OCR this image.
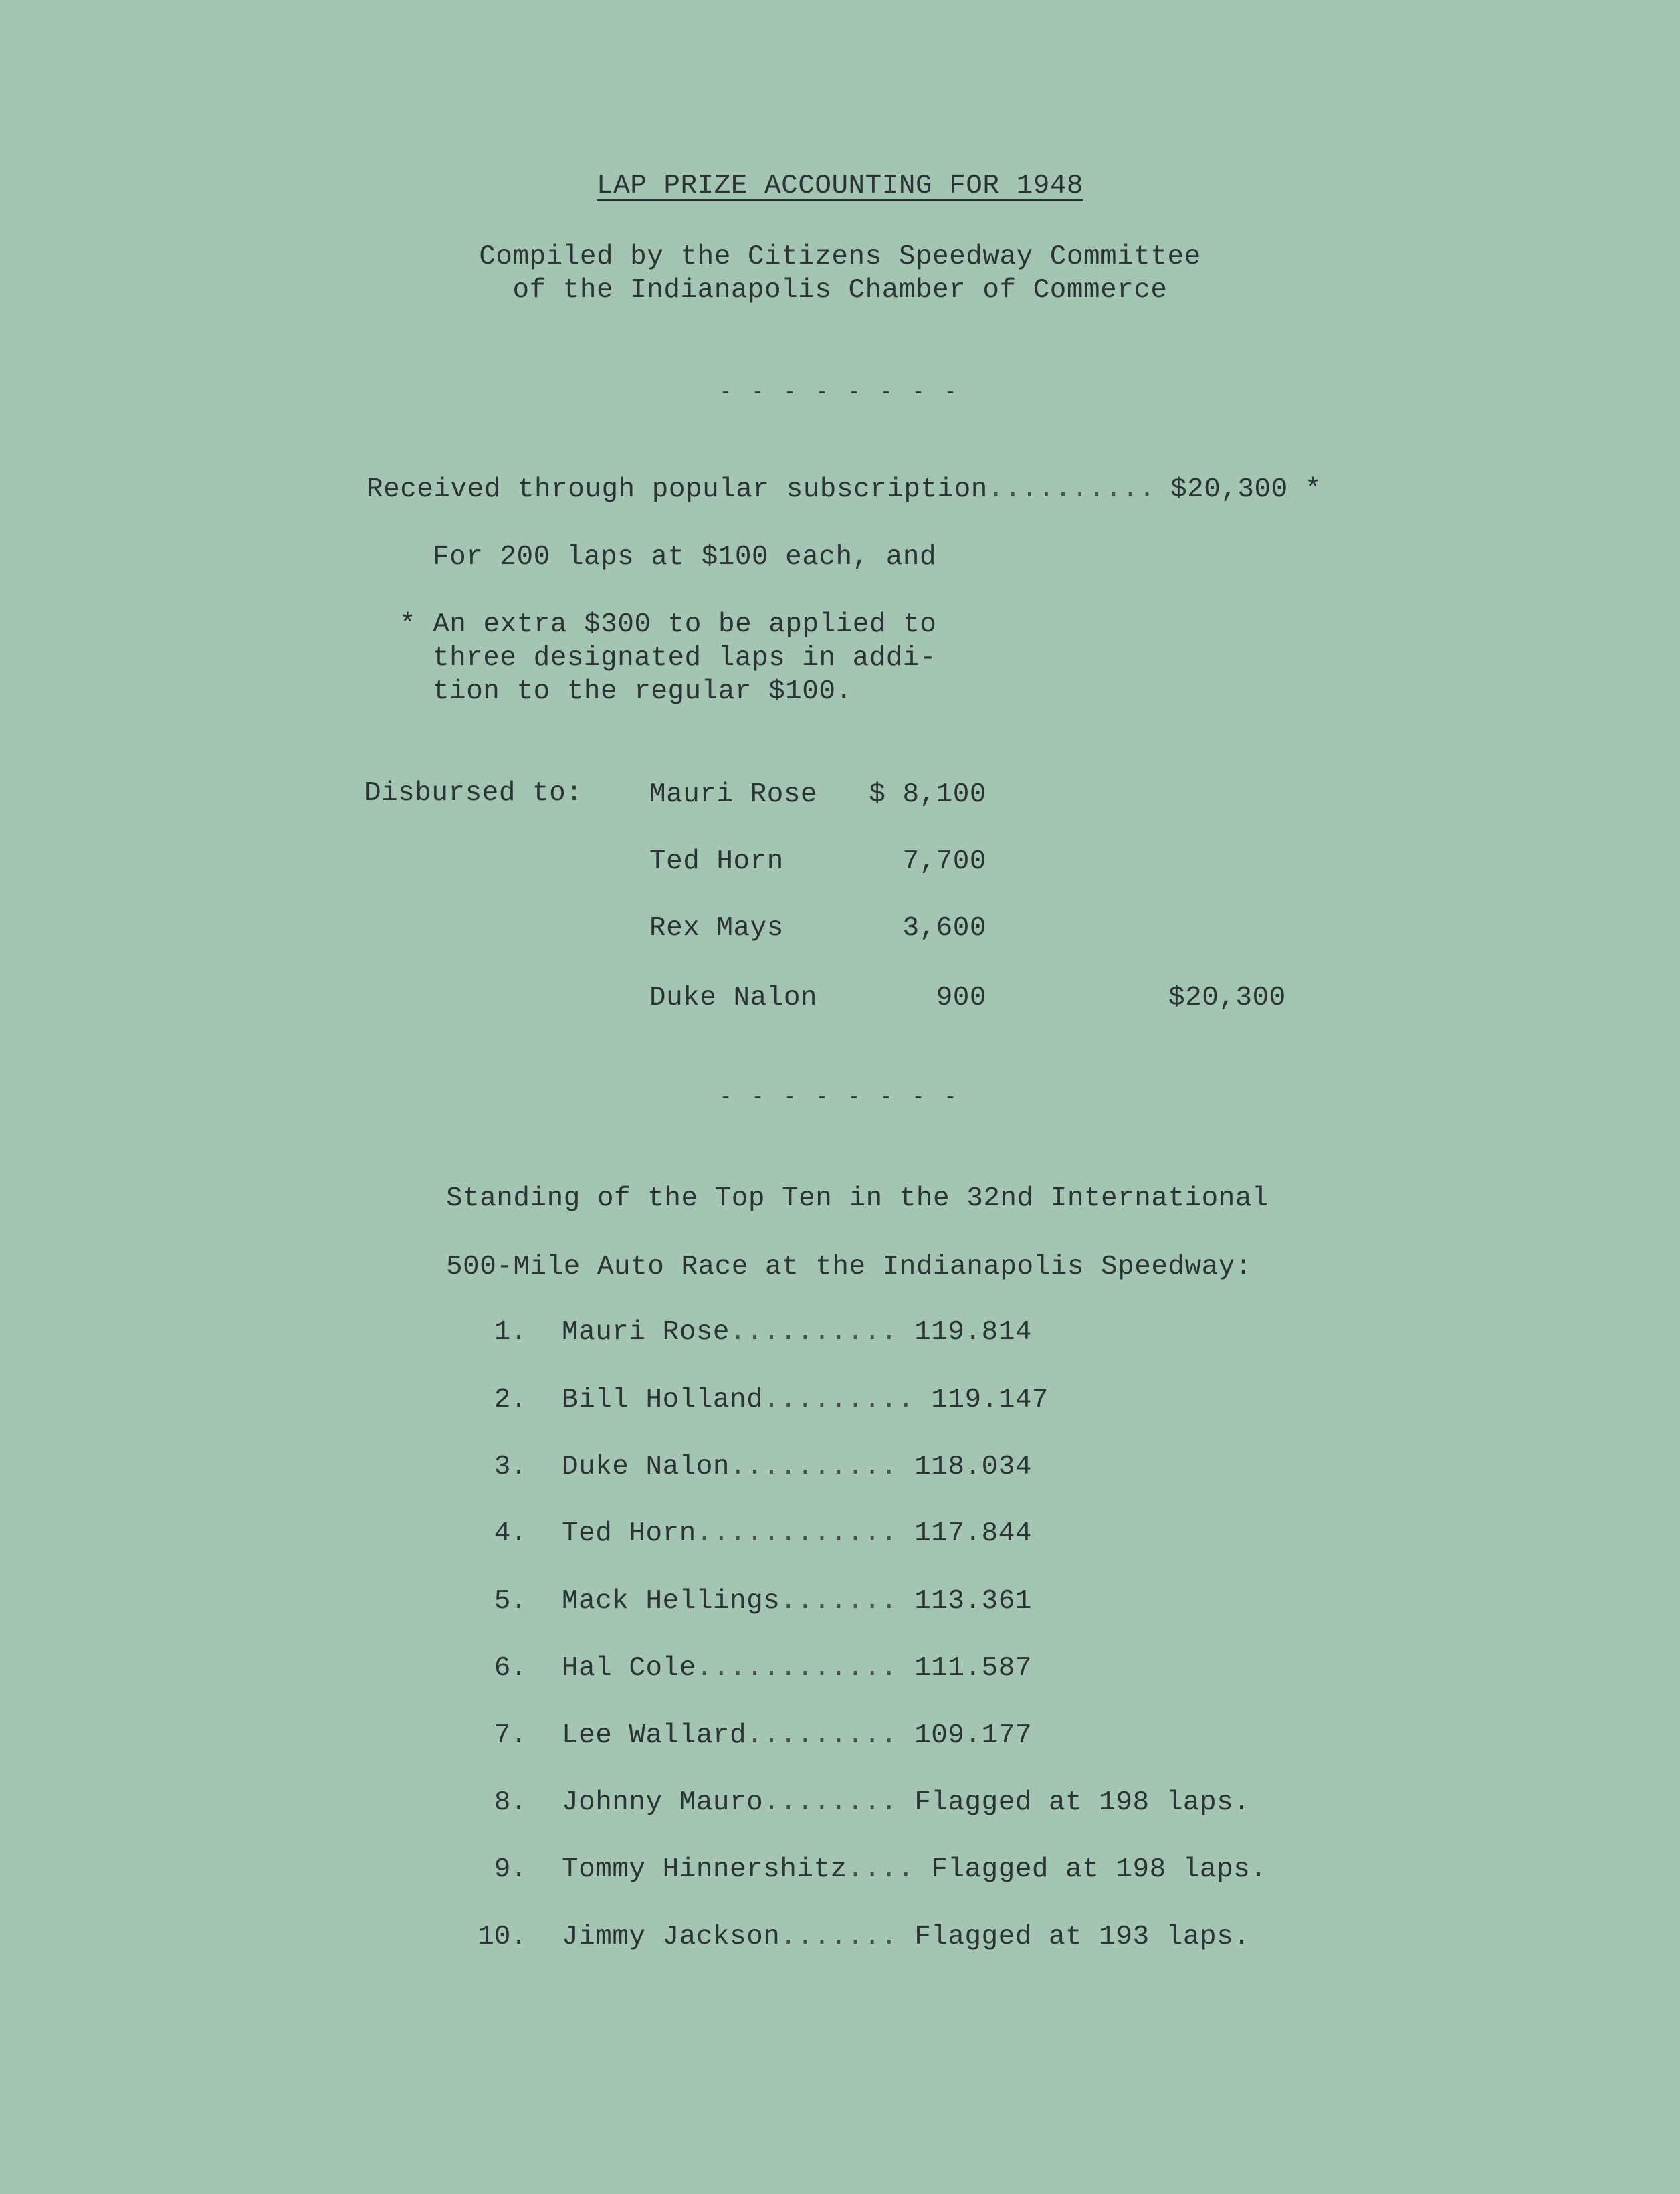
LAP PRIZE ACCOUNTING FOR 1948
Compiled by the Citizens Speedway Committee
of the Indianapolis Chamber of Commerce
- - - - - - - -
Received through popular subscription.......... $20,300 *
For 200 laps at $100 each, and
* An extra $300 to be applied to
three designated laps in addi-
tion to the regular $100.
Disbursed to: Mauri Rose	$ 8,100
Ted Horn	7,700
Rex Mays	3,600
Duke Nalon	900	$20,300
- - - - - - - -
Standing of the Top Ten in the 32nd International
500-Mile Auto Race at the Indianapolis Speedway:
1. Mauri Rose.......... 119.814
2. Bill Holland......... 119.147
3. Duke Nalon.......... 118.034
4. Ted Horn............ 117.844
5. Mack Hellings....... 113.361
6. Hal Cole............ 111.587
7. Lee Wallard......... 109.177
8. Johnny Mauro........ Flagged at 198 laps.
9. Tommy Hinnershitz.... Flagged at 198 laps.
10. Jimmy Jackson....... Flagged at 193 laps.
